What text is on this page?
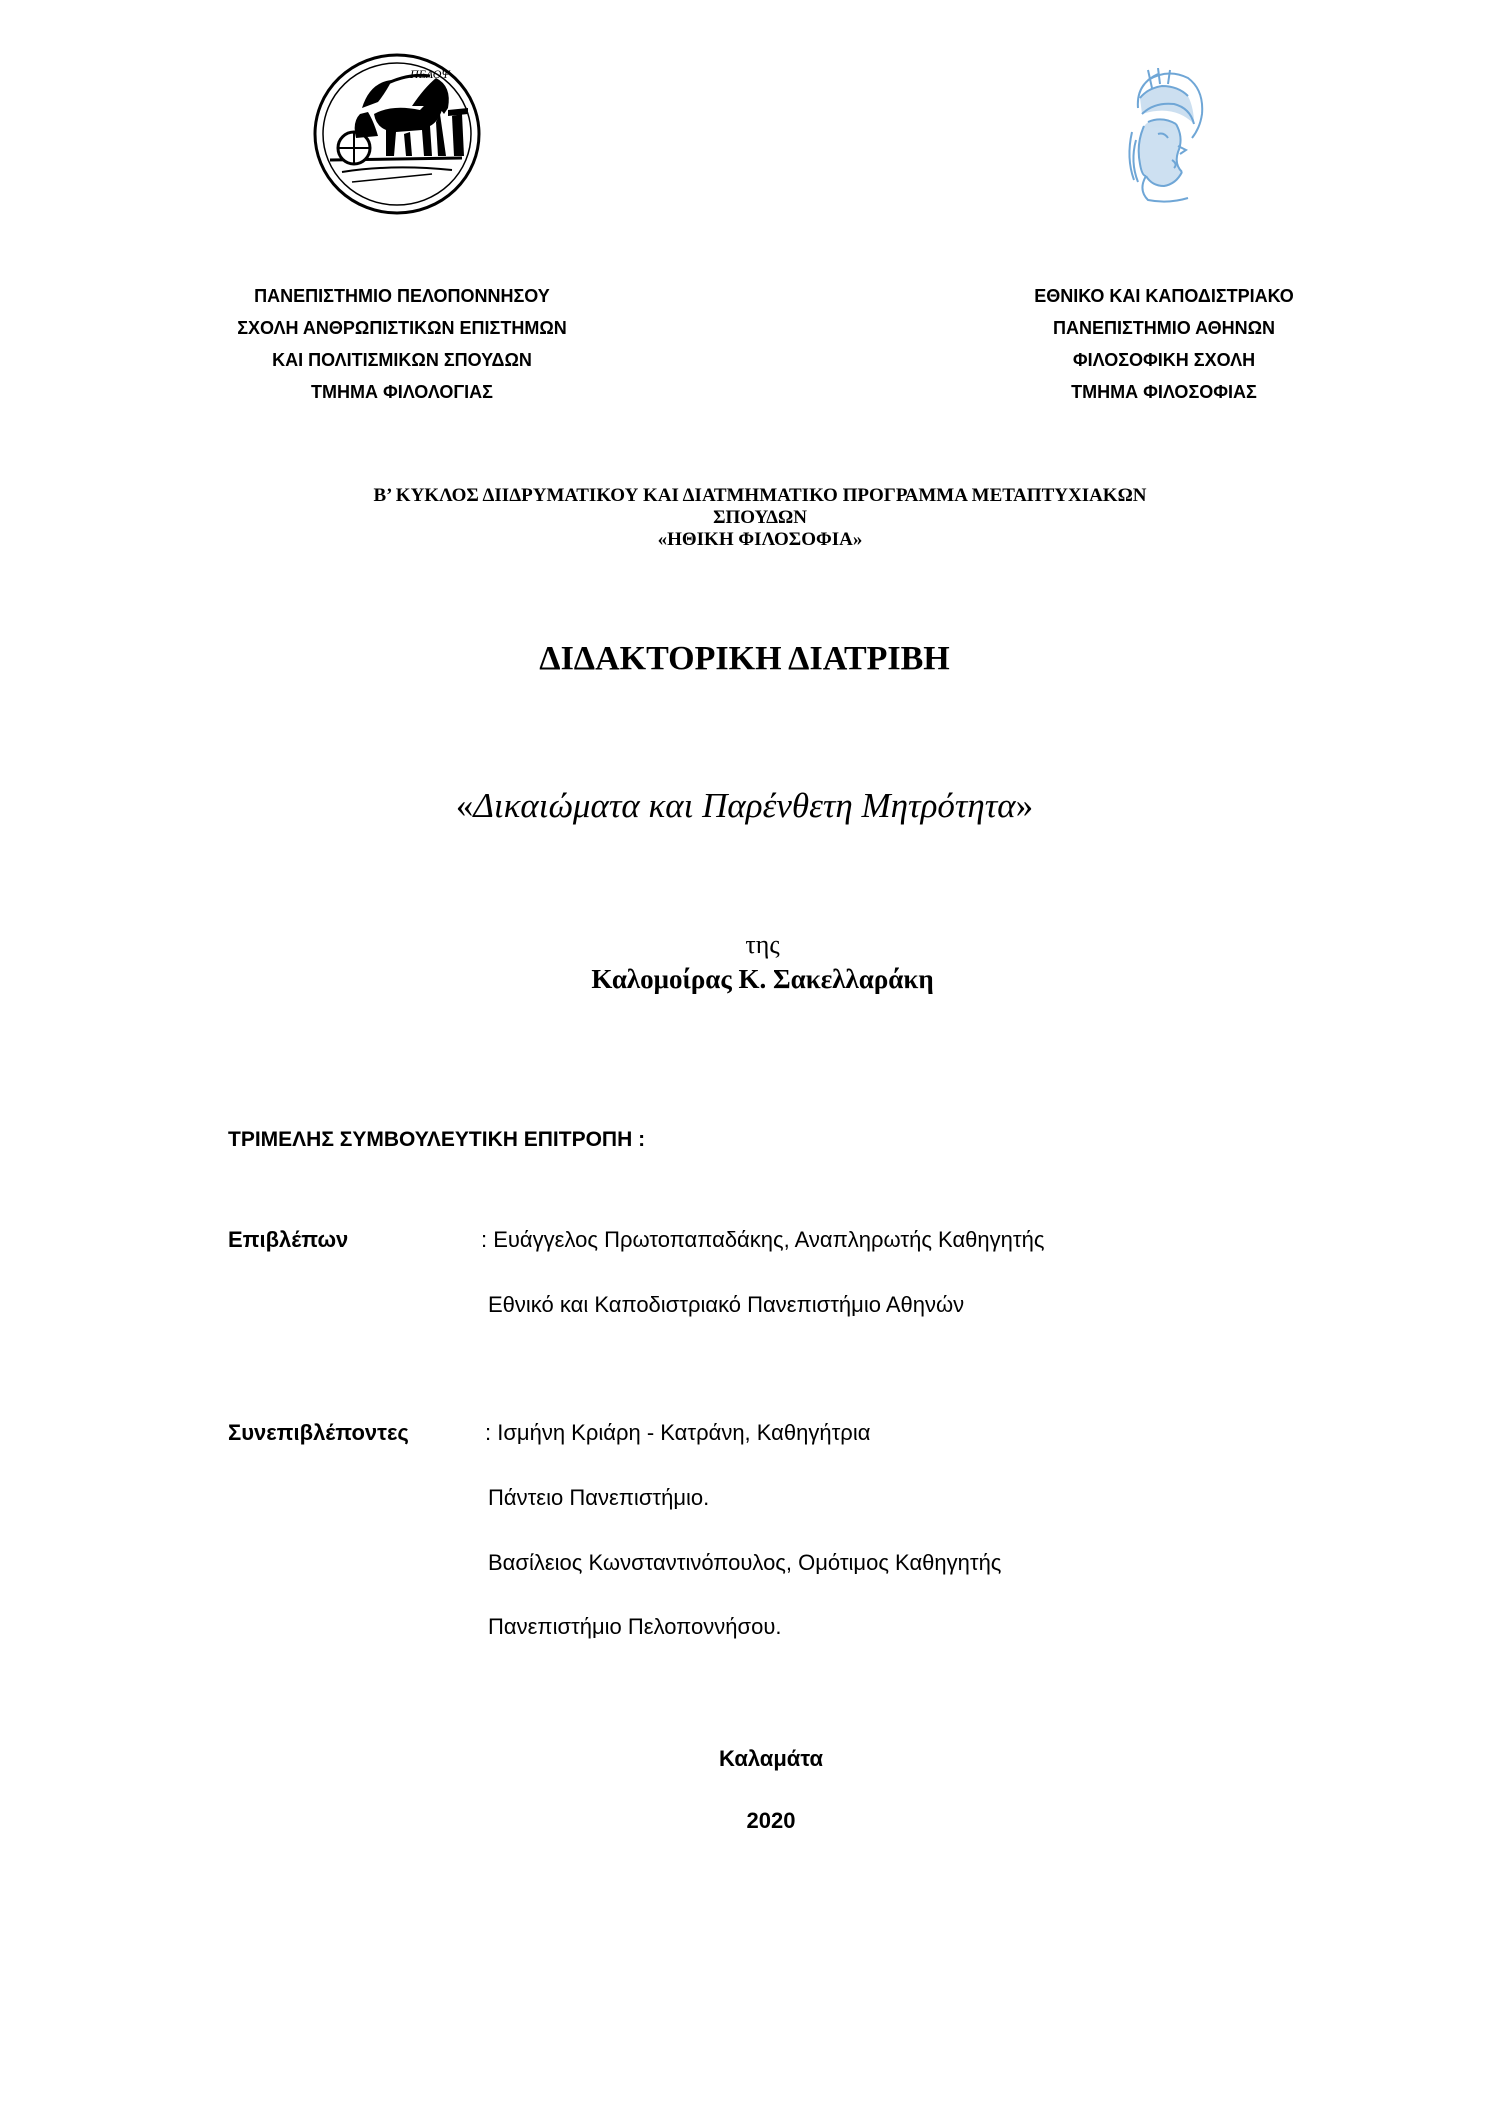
ΠΕΛΟΨ
ΠΑΝΕΠΙΣΤΗΜΙΟ ΠΕΛΟΠΟΝΝΗΣΟΥ
ΣΧΟΛΗ ΑΝΘΡΩΠΙΣΤΙΚΩΝ ΕΠΙΣΤΗΜΩΝ
ΚΑΙ ΠΟΛΙΤΙΣΜΙΚΩΝ ΣΠΟΥΔΩΝ
ΤΜΗΜΑ ΦΙΛΟΛΟΓΙΑΣ
ΕΘΝΙΚΟ ΚΑΙ ΚΑΠΟΔΙΣΤΡΙΑΚΟ
ΠΑΝΕΠΙΣΤΗΜΙΟ ΑΘΗΝΩΝ
ΦΙΛΟΣΟΦΙΚΗ ΣΧΟΛΗ
ΤΜΗΜΑ ΦΙΛΟΣΟΦΙΑΣ
Β’ ΚΥΚΛΟΣ ΔΙΙΔΡΥΜΑΤΙΚΟΥ ΚΑΙ ΔΙΑΤΜΗΜΑΤΙΚΟ ΠΡΟΓΡΑΜΜΑ ΜΕΤΑΠΤΥΧΙΑΚΩΝ
ΣΠΟΥΔΩΝ
«ΗΘΙΚΗ ΦΙΛΟΣΟΦΙΑ»
ΔΙΔΑΚΤΟΡΙΚΗ ΔΙΑΤΡΙΒΗ
«Δικαιώματα και Παρένθετη Μητρότητα»
της
Καλομοίρας Κ. Σακελλαράκη
ΤΡΙΜΕΛΗΣ ΣΥΜΒΟΥΛΕΥΤΙΚΗ ΕΠΙΤΡΟΠΗ :
Επιβλέπων	: Ευάγγελος Πρωτοπαπαδάκης, Αναπληρωτής Καθηγητής
Εθνικό και Καποδιστριακό Πανεπιστήμιο Αθηνών
Συνεπιβλέποντες	: Ισμήνη Κριάρη - Κατράνη, Καθηγήτρια
Πάντειο Πανεπιστήμιο.
Βασίλειος Κωνσταντινόπουλος, Ομότιμος Καθηγητής
Πανεπιστήμιο Πελοποννήσου.
Καλαμάτα
2020
